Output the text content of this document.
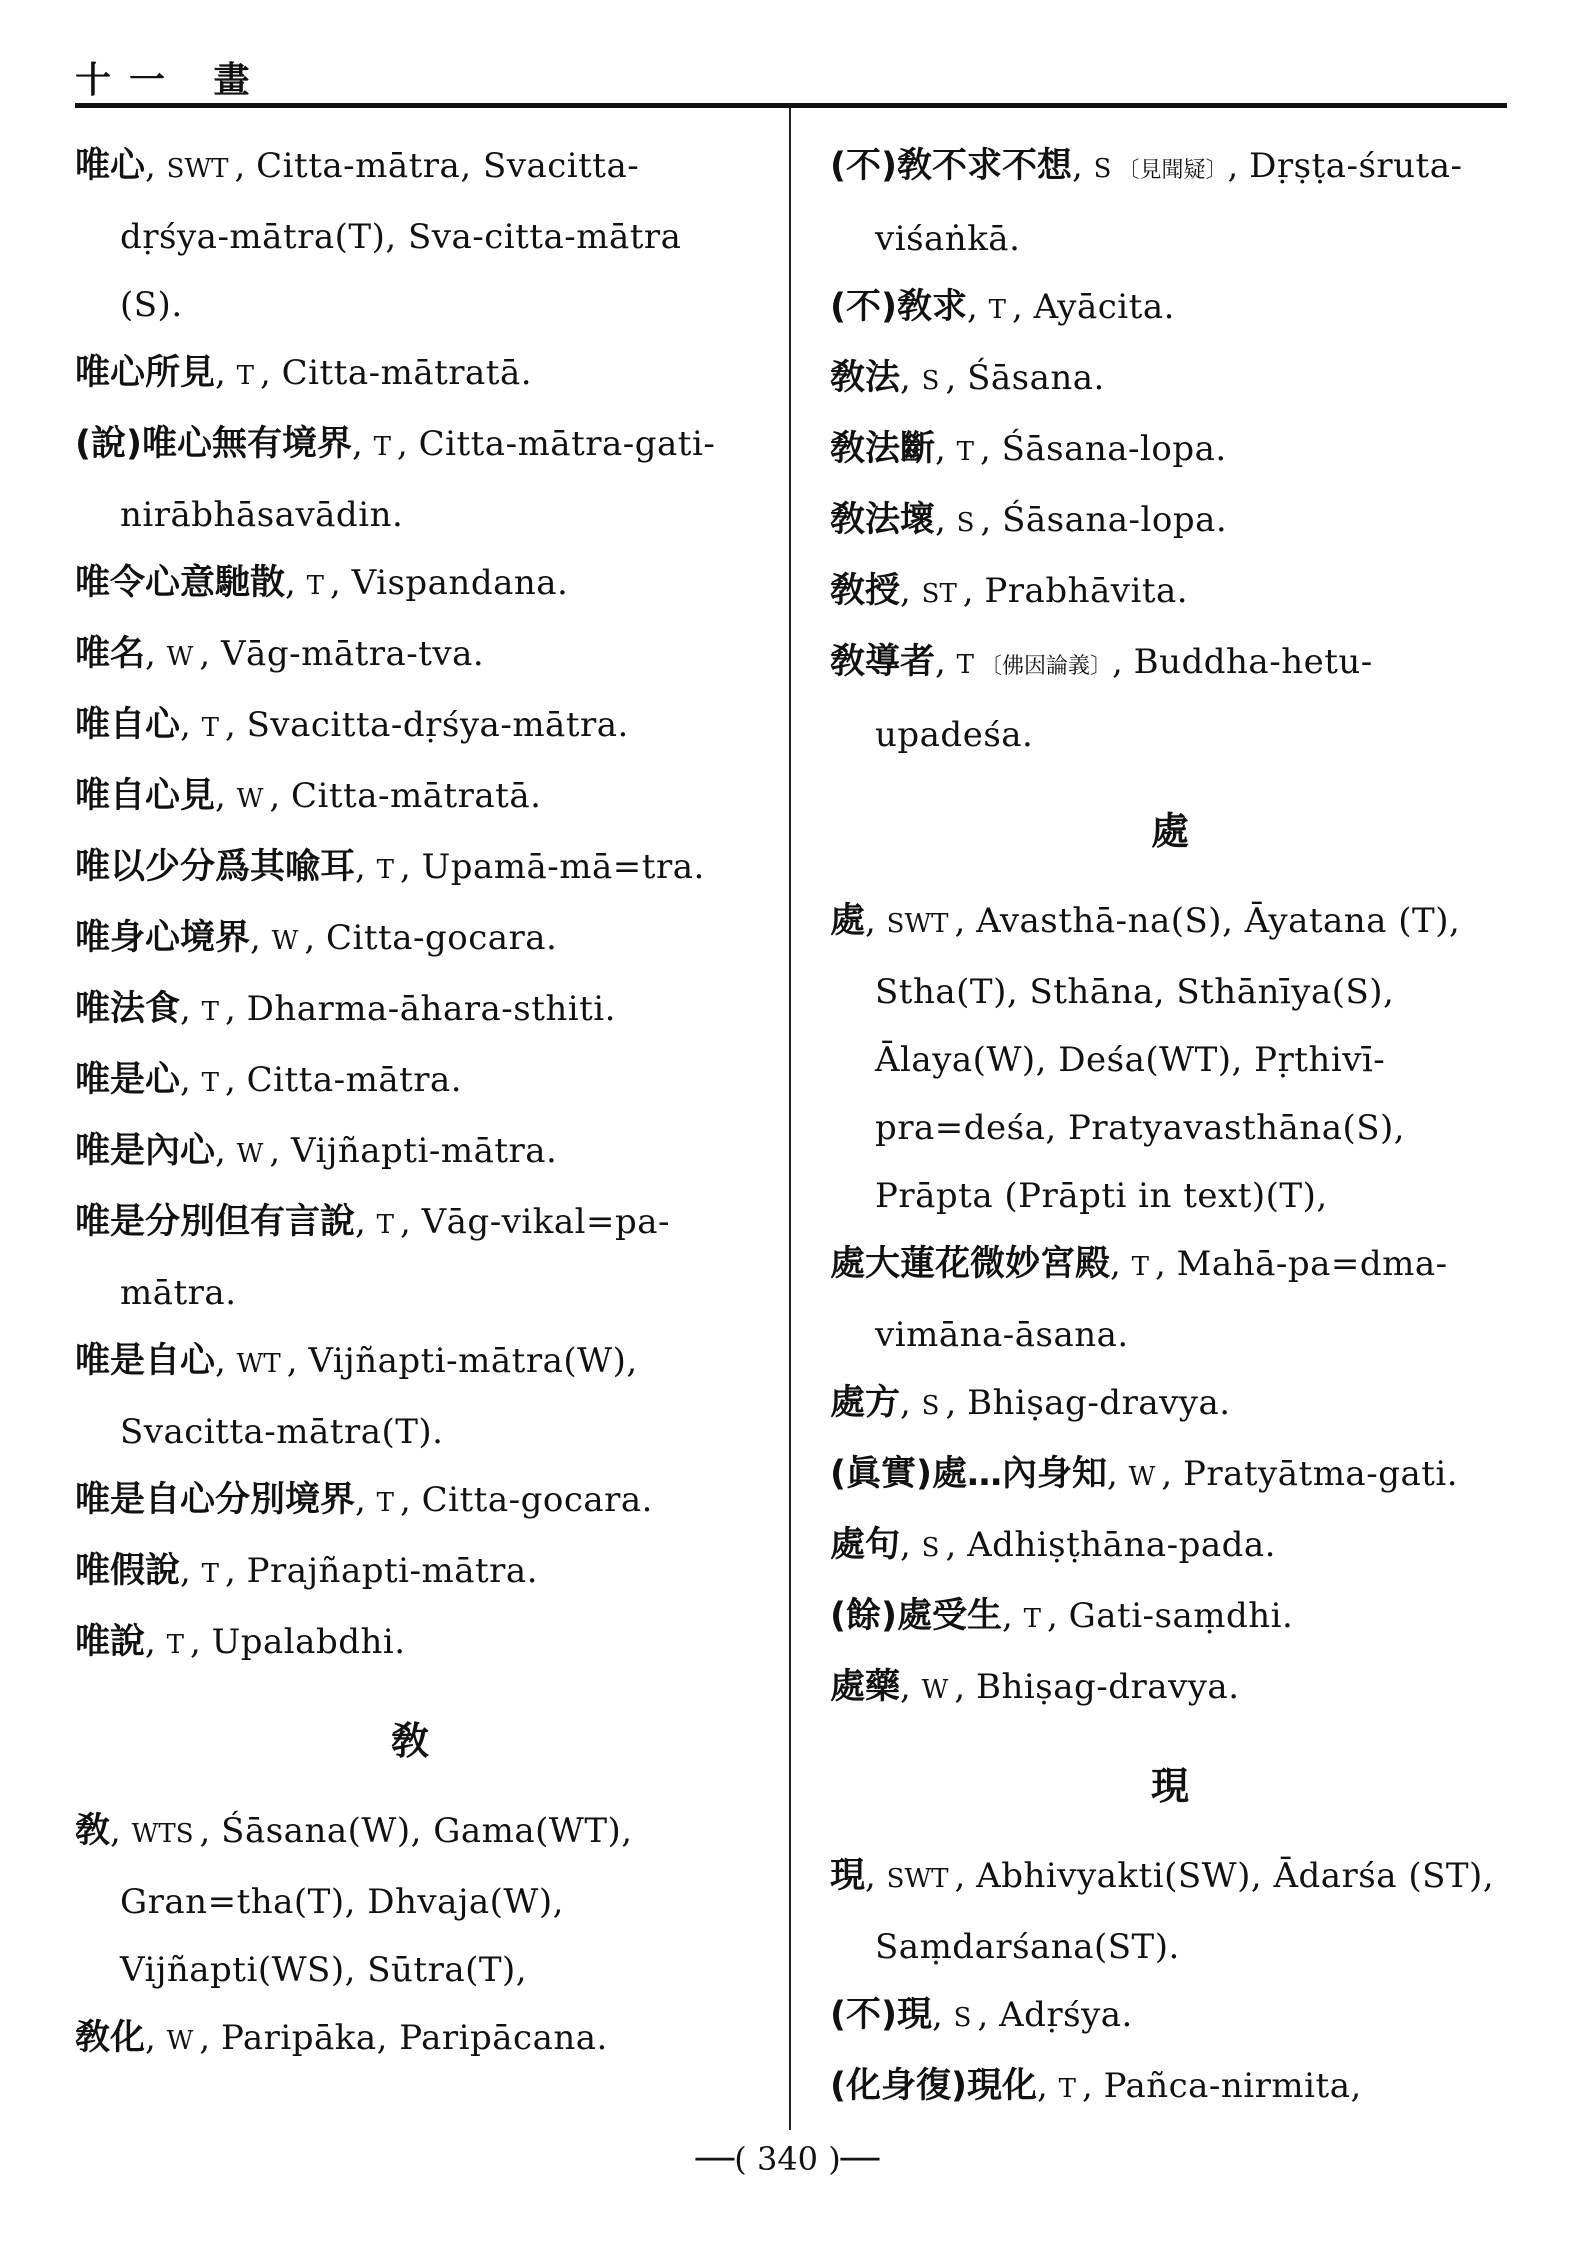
十一 畫
唯心, SWT , Citta-mātra, Svacitta-dṛśya-mātra(T), Sva-citta-mātra (S).
唯心所見, T , Citta-mātratā.
(說)唯心無有境界, T , Citta-mātra-gati-nirābhāsavādin.
唯令心意馳散, T , Vispandana.
唯名, W , Vāg-mātra-tva.
唯自心, T , Svacitta-dṛśya-mātra.
唯自心見, W , Citta-mātratā.
唯以少分爲其喩耳, T , Upamā-mā=tra.
唯身心境界, W , Citta-gocara.
唯法食, T , Dharma-āhara-sthiti.
唯是心, T , Citta-mātra.
唯是內心, W , Vijñapti-mātra.
唯是分別但有言說, T , Vāg-vikal=pa-mātra.
唯是自心, WT , Vijñapti-mātra(W), Svacitta-mātra(T).
唯是自心分別境界, T , Citta-gocara.
唯假說, T , Prajñapti-mātra.
唯說, T , Upalabdhi.
敎
敎, WTS , Śāsana(W), Gama(WT), Gran=tha(T), Dhvaja(W), Vijñapti(WS), Sūtra(T),
敎化, W , Paripāka, Paripācana.
(不)敎不求不想, S 〔見聞疑〕, Dṛṣṭa-śruta-viśaṅkā.
(不)敎求, T , Ayācita.
敎法, S , Śāsana.
敎法斷, T , Śāsana-lopa.
敎法壞, S , Śāsana-lopa.
敎授, ST , Prabhāvita.
敎導者, T 〔佛因論義〕, Buddha-hetu-upadeśa.
處
處, SWT , Avasthā-na(S), Āyatana (T), Stha(T), Sthāna, Sthānīya(S), Ālaya(W), Deśa(WT), Pṛthivī-pra=deśa, Pratyavasthāna(S), Prāpta (Prāpti in text)(T),
處大蓮花微妙宮殿, T , Mahā-pa=dma-vimāna-āsana.
處方, S , Bhiṣag-dravya.
(眞實)處…內身知, W , Pratyātma-gati.
處句, S , Adhiṣṭhāna-pada.
(餘)處受生, T , Gati-saṃdhi.
處藥, W , Bhiṣag-dravya.
現
現, SWT , Abhivyakti(SW), Ādarśa (ST), Saṃdarśana(ST).
(不)現, S , Adṛśya.
(化身復)現化, T , Pañca-nirmita,
──( 340 )──
